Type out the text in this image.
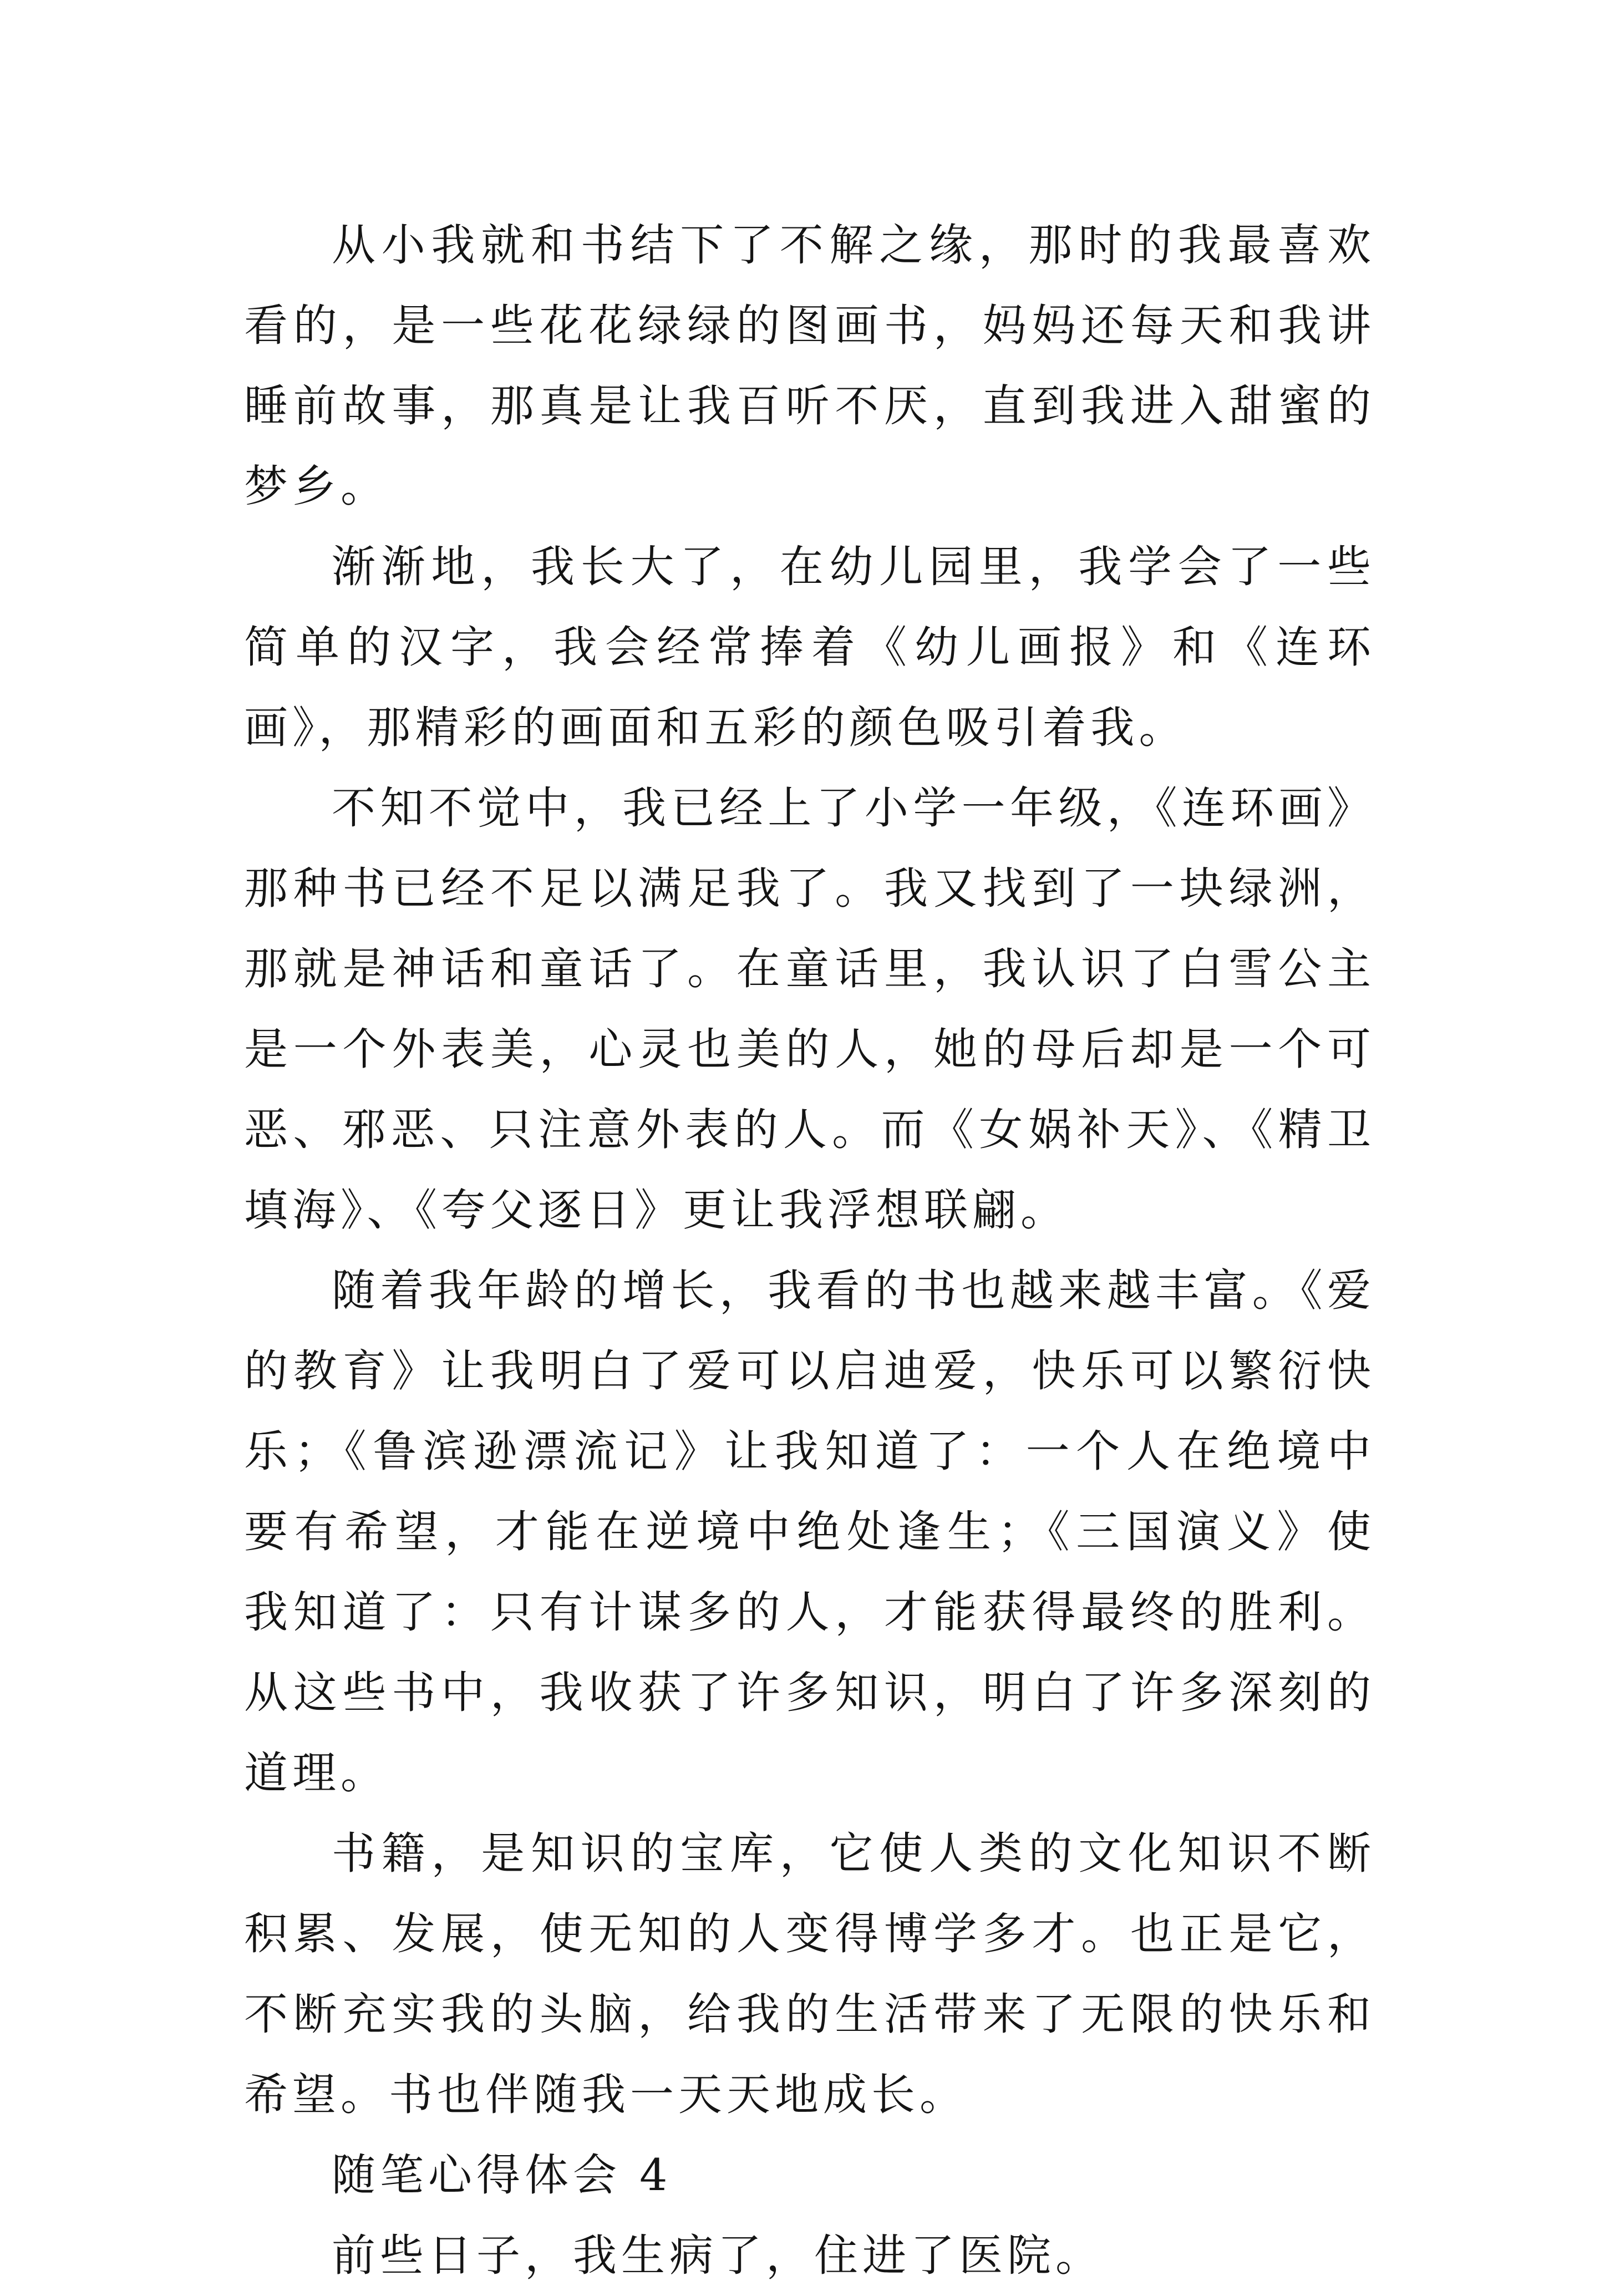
从小我就和书结下了不解之缘，那时的我最喜欢看的，是一些花花绿绿的图画书，妈妈还每天和我讲睡前故事，那真是让我百听不厌，直到我进入甜蜜的梦乡。

渐渐地，我长大了，在幼儿园里，我学会了一些简单的汉字，我会经常捧着《幼儿画报》和《连环画》，那精彩的画面和五彩的颜色吸引着我。

不知不觉中，我已经上了小学一年级，《连环画》那种书已经不足以满足我了。我又找到了一块绿洲，那就是神话和童话了。在童话里，我认识了白雪公主是一个外表美，心灵也美的人，她的母后却是一个可恶、邪恶、只注意外表的人。而《女娲补天》、《精卫填海》、《夸父逐日》更让我浮想联翩。

随着我年龄的增长，我看的书也越来越丰富。《爱的教育》让我明白了爱可以启迪爱，快乐可以繁衍快乐；《鲁滨逊漂流记》让我知道了：一个人在绝境中要有希望，才能在逆境中绝处逢生；《三国演义》使我知道了：只有计谋多的人，才能获得最终的胜利。从这些书中，我收获了许多知识，明白了许多深刻的道理。

书籍，是知识的宝库，它使人类的文化知识不断积累、发展，使无知的人变得博学多才。也正是它，不断充实我的头脑，给我的生活带来了无限的快乐和希望。书也伴随我一天天地成长。

随笔心得体会 4

前些日子，我生病了，住进了医院。
